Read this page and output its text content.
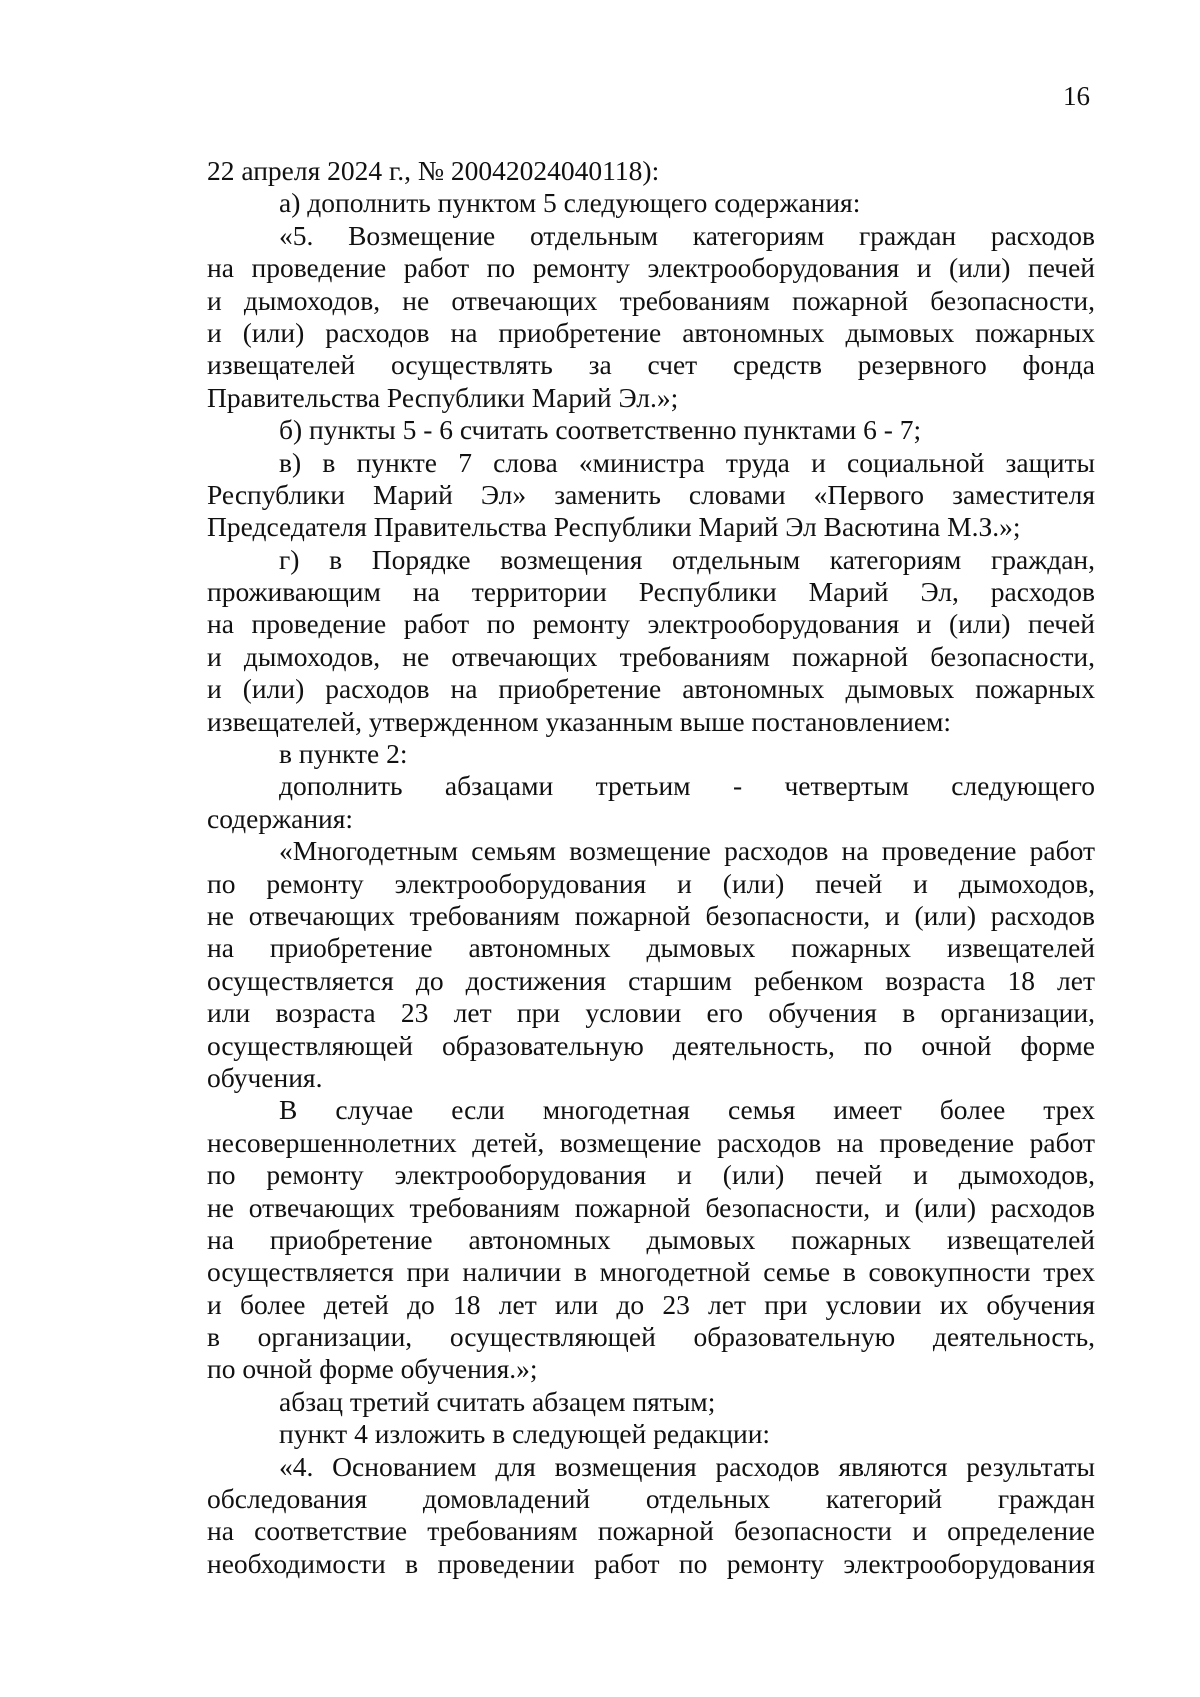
16
22 апреля 2024 г., № 20042024040118):
а) дополнить пунктом 5 следующего содержания:
«5. Возмещение отдельным категориям граждан расходов
на проведение работ по ремонту электрооборудования и (или) печей
и дымоходов, не отвечающих требованиям пожарной безопасности,
и (или) расходов на приобретение автономных дымовых пожарных
извещателей осуществлять за счет средств резервного фонда
Правительства Республики Марий Эл.»;
б) пункты 5 - 6 считать соответственно пунктами 6 - 7;
в) в пункте 7 слова «министра труда и социальной защиты
Республики Марий Эл» заменить словами «Первого заместителя
Председателя Правительства Республики Марий Эл Васютина М.З.»;
г) в Порядке возмещения отдельным категориям граждан,
проживающим на территории Республики Марий Эл, расходов
на проведение работ по ремонту электрооборудования и (или) печей
и дымоходов, не отвечающих требованиям пожарной безопасности,
и (или) расходов на приобретение автономных дымовых пожарных
извещателей, утвержденном указанным выше постановлением:
в пункте 2:
дополнить абзацами третьим - четвертым следующего
содержания:
«Многодетным семьям возмещение расходов на проведение работ
по ремонту электрооборудования и (или) печей и дымоходов,
не отвечающих требованиям пожарной безопасности, и (или) расходов
на приобретение автономных дымовых пожарных извещателей
осуществляется до достижения старшим ребенком возраста 18 лет
или возраста 23 лет при условии его обучения в организации,
осуществляющей образовательную деятельность, по очной форме
обучения.
В случае если многодетная семья имеет более трех
несовершеннолетних детей, возмещение расходов на проведение работ
по ремонту электрооборудования и (или) печей и дымоходов,
не отвечающих требованиям пожарной безопасности, и (или) расходов
на приобретение автономных дымовых пожарных извещателей
осуществляется при наличии в многодетной семье в совокупности трех
и более детей до 18 лет или до 23 лет при условии их обучения
в организации, осуществляющей образовательную деятельность,
по очной форме обучения.»;
абзац третий считать абзацем пятым;
пункт 4 изложить в следующей редакции:
«4. Основанием для возмещения расходов являются результаты
обследования домовладений отдельных категорий граждан
на соответствие требованиям пожарной безопасности и определение
необходимости в проведении работ по ремонту электрооборудования
